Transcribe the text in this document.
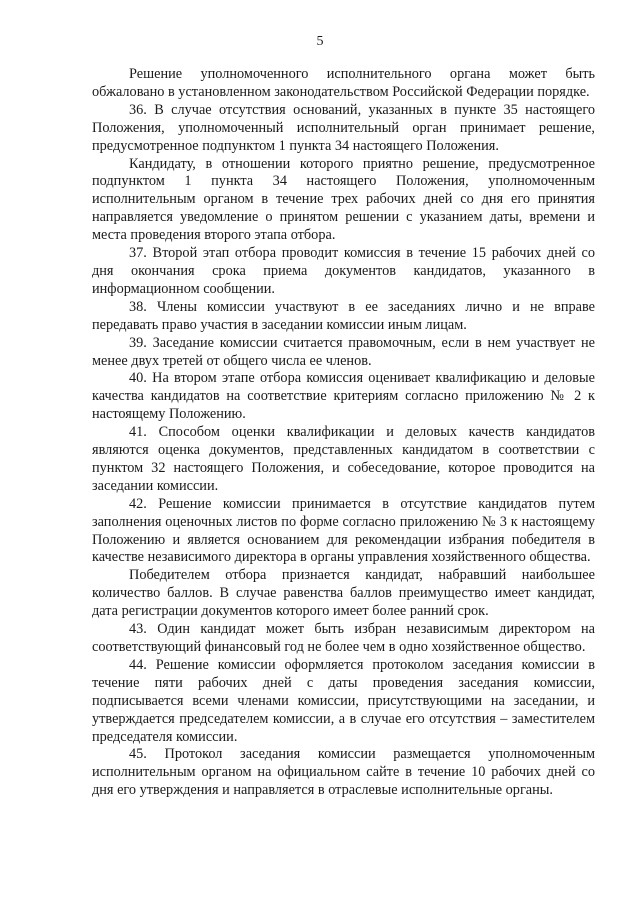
5

Решение уполномоченного исполнительного органа может быть обжаловано в установленном законодательством Российской Федерации порядке.

36. В случае отсутствия оснований, указанных в пункте 35 настоящего Положения, уполномоченный исполнительный орган принимает решение, предусмотренное подпунктом 1 пункта 34 настоящего Положения.

Кандидату, в отношении которого приятно решение, предусмотренное подпунктом 1 пункта 34 настоящего Положения, уполномоченным исполнительным органом в течение трех рабочих дней со дня его принятия направляется уведомление о принятом решении с указанием даты, времени и места проведения второго этапа отбора.

37. Второй этап отбора проводит комиссия в течение 15 рабочих дней со дня окончания срока приема документов кандидатов, указанного в информационном сообщении.

38. Члены комиссии участвуют в ее заседаниях лично и не вправе передавать право участия в заседании комиссии иным лицам.

39. Заседание комиссии считается правомочным, если в нем участвует не менее двух третей от общего числа ее членов.

40. На втором этапе отбора комиссия оценивает квалификацию и деловые качества кандидатов на соответствие критериям согласно приложению № 2 к настоящему Положению.

41. Способом оценки квалификации и деловых качеств кандидатов являются оценка документов, представленных кандидатом в соответствии с пунктом 32 настоящего Положения, и собеседование, которое проводится на заседании комиссии.

42. Решение комиссии принимается в отсутствие кандидатов путем заполнения оценочных листов по форме согласно приложению № 3 к настоящему Положению и является основанием для рекомендации избрания победителя в качестве независимого директора в органы управления хозяйственного общества.

Победителем отбора признается кандидат, набравший наибольшее количество баллов. В случае равенства баллов преимущество имеет кандидат, дата регистрации документов которого имеет более ранний срок.

43. Один кандидат может быть избран независимым директором на соответствующий финансовый год не более чем в одно хозяйственное общество.

44. Решение комиссии оформляется протоколом заседания комиссии в течение пяти рабочих дней с даты проведения заседания комиссии, подписывается всеми членами комиссии, присутствующими на заседании, и утверждается председателем комиссии, а в случае его отсутствия – заместителем председателя комиссии.

45. Протокол заседания комиссии размещается уполномоченным исполнительным органом на официальном сайте в течение 10 рабочих дней со дня его утверждения и направляется в отраслевые исполнительные органы.
